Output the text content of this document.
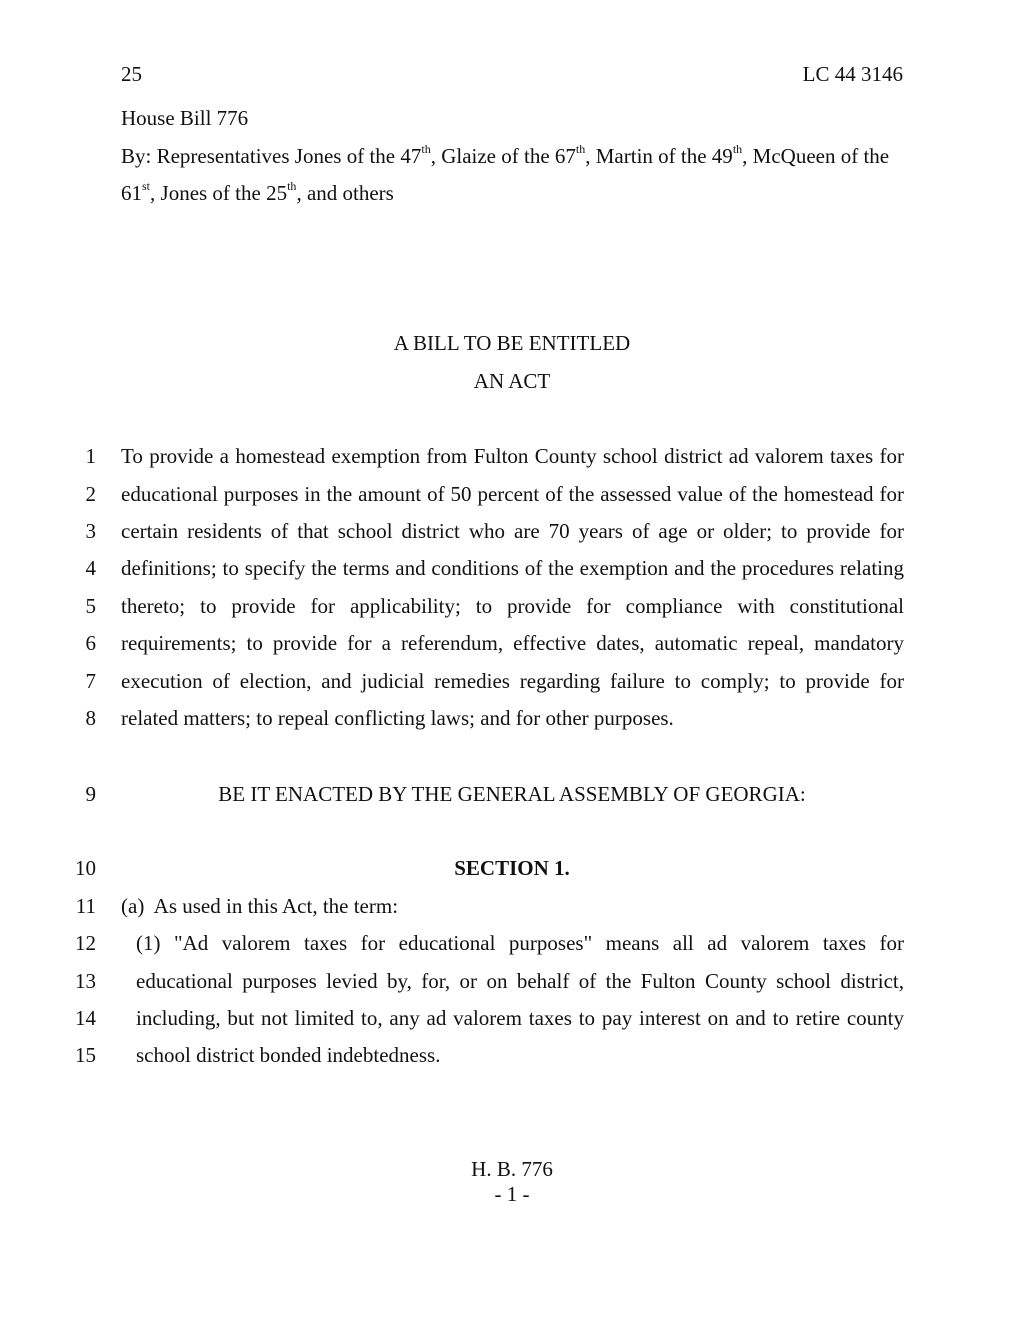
25	LC 44 3146
House Bill 776
By: Representatives Jones of the 47th, Glaize of the 67th, Martin of the 49th, McQueen of the
61st, Jones of the 25th, and others
A BILL TO BE ENTITLED
AN ACT
1 To provide a homestead exemption from Fulton County school district ad valorem taxes for
2 educational purposes in the amount of 50 percent of the assessed value of the homestead for
3 certain residents of that school district who are 70 years of age or older; to provide for
4 definitions; to specify the terms and conditions of the exemption and the procedures relating
5 thereto; to provide for applicability; to provide for compliance with constitutional
6 requirements; to provide for a referendum, effective dates, automatic repeal, mandatory
7 execution of election, and judicial remedies regarding failure to comply; to provide for
8 related matters; to repeal conflicting laws; and for other purposes.
9	BE IT ENACTED BY THE GENERAL ASSEMBLY OF GEORGIA:
10	SECTION 1.
11 (a)  As used in this Act, the term:
12 (1) "Ad valorem taxes for educational purposes" means all ad valorem taxes for
13 educational purposes levied by, for, or on behalf of the Fulton County school district,
14 including, but not limited to, any ad valorem taxes to pay interest on and to retire county
15 school district bonded indebtedness.
H. B. 776
- 1 -
